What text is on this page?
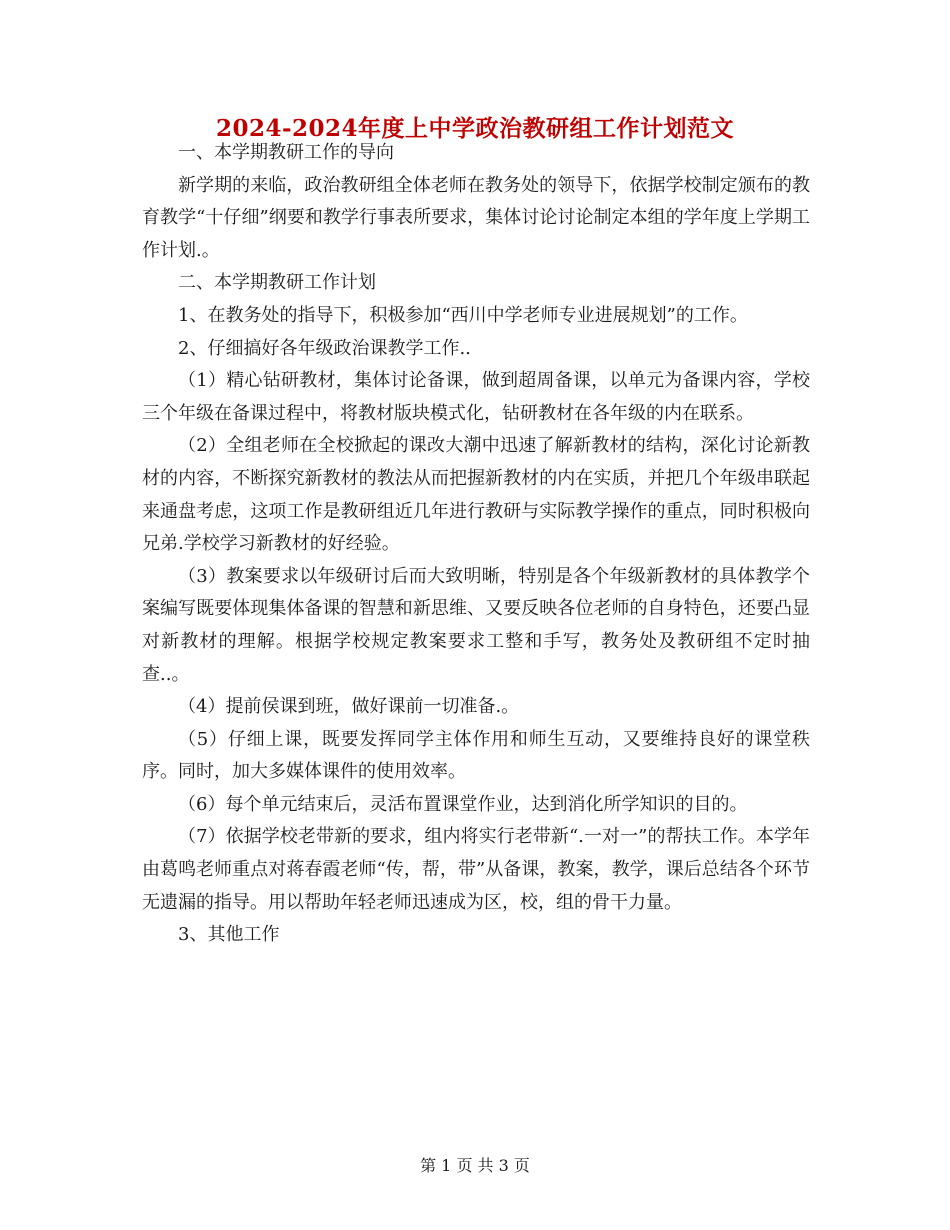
2024-2024年度上中学政治教研组工作计划范文

一、本学期教研工作的导向

新学期的来临，政治教研组全体老师在教务处的领导下，依据学校制定颁布的教育教学“十仔细”纲要和教学行事表所要求，集体讨论讨论制定本组的学年度上学期工作计划.。

二、本学期教研工作计划

1、在教务处的指导下，积极参加“西川中学老师专业进展规划”的工作。

2、仔细搞好各年级政治课教学工作..

（1）精心钻研教材，集体讨论备课，做到超周备课，以单元为备课内容，学校三个年级在备课过程中，将教材版块模式化，钻研教材在各年级的内在联系。

（2）全组老师在全校掀起的课改大潮中迅速了解新教材的结构，深化讨论新教材的内容，不断探究新教材的教法从而把握新教材的内在实质，并把几个年级串联起来通盘考虑，这项工作是教研组近几年进行教研与实际教学操作的重点，同时积极向兄弟.学校学习新教材的好经验。

（3）教案要求以年级研讨后而大致明晰，特别是各个年级新教材的具体教学个案编写既要体现集体备课的智慧和新思维、又要反映各位老师的自身特色，还要凸显对新教材的理解。根据学校规定教案要求工整和手写，教务处及教研组不定时抽查..。

（4）提前侯课到班，做好课前一切准备.。

（5）仔细上课，既要发挥同学主体作用和师生互动，又要维持良好的课堂秩序。同时，加大多媒体课件的使用效率。

（6）每个单元结束后，灵活布置课堂作业，达到消化所学知识的目的。

（7）依据学校老带新的要求，组内将实行老带新“.一对一”的帮扶工作。本学年由葛鸣老师重点对蒋春霞老师“传，帮，带”从备课，教案，教学，课后总结各个环节无遗漏的指导。用以帮助年轻老师迅速成为区，校，组的骨干力量。

3、其他工作

第 1 页 共 3 页
